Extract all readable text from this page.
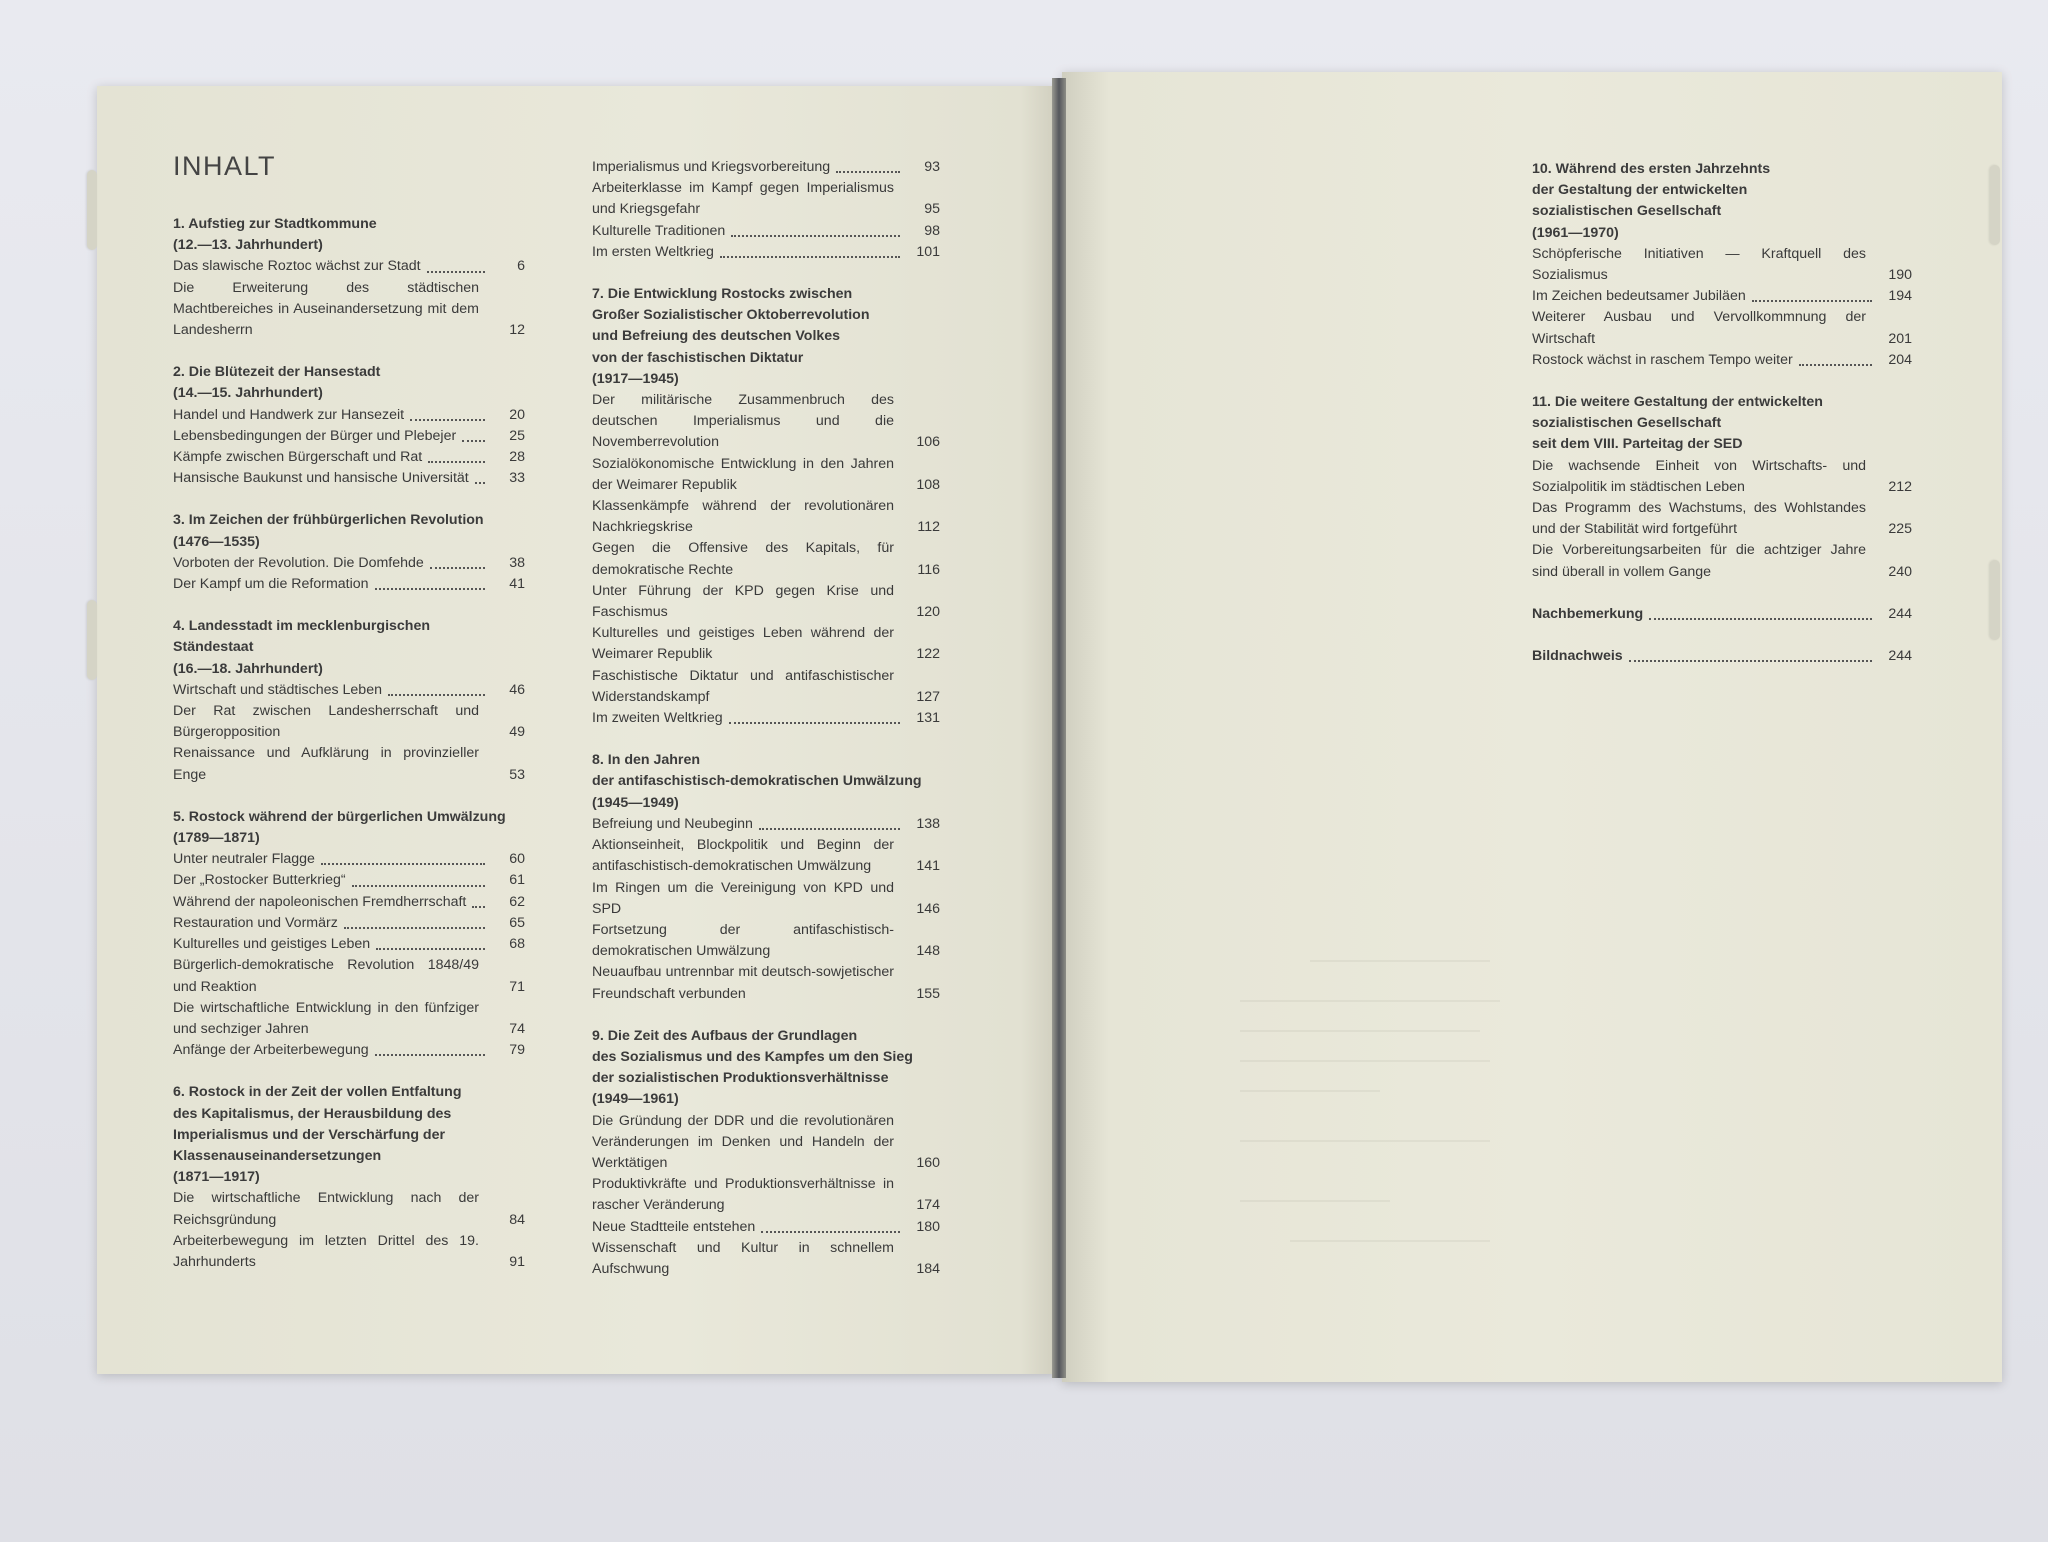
INHALT
1. Aufstieg zur Stadtkommune
(12.—13. Jahrhundert)
Das slawische Roztoc wächst zur Stadt	6
Die Erweiterung des städtischen Machtbereiches in Auseinandersetzung mit dem Landesherrn	12
2. Die Blütezeit der Hansestadt
(14.—15. Jahrhundert)
Handel und Handwerk zur Hansezeit	20
Lebensbedingungen der Bürger und Plebejer	25
Kämpfe zwischen Bürgerschaft und Rat	28
Hansische Baukunst und hansische Universität	33
3. Im Zeichen der frühbürgerlichen Revolution
(1476—1535)
Vorboten der Revolution. Die Domfehde	38
Der Kampf um die Reformation	41
4. Landesstadt im mecklenburgischen
Ständestaat
(16.—18. Jahrhundert)
Wirtschaft und städtisches Leben	46
Der Rat zwischen Landesherrschaft und Bürgeropposition	49
Renaissance und Aufklärung in provinzieller Enge	53
5. Rostock während der bürgerlichen Umwälzung
(1789—1871)
Unter neutraler Flagge	60
Der „Rostocker Butterkrieg“	61
Während der napoleonischen Fremdherrschaft	62
Restauration und Vormärz	65
Kulturelles und geistiges Leben	68
Bürgerlich-demokratische Revolution 1848/49 und Reaktion	71
Die wirtschaftliche Entwicklung in den fünfziger und sechziger Jahren	74
Anfänge der Arbeiterbewegung	79
6. Rostock in der Zeit der vollen Entfaltung
des Kapitalismus, der Herausbildung des
Imperialismus und der Verschärfung der
Klassenauseinandersetzungen
(1871—1917)
Die wirtschaftliche Entwicklung nach der Reichsgründung	84
Arbeiterbewegung im letzten Drittel des 19. Jahrhunderts	91
Imperialismus und Kriegsvorbereitung	93
Arbeiterklasse im Kampf gegen Imperialismus und Kriegsgefahr	95
Kulturelle Traditionen	98
Im ersten Weltkrieg	101
7. Die Entwicklung Rostocks zwischen
Großer Sozialistischer Oktoberrevolution
und Befreiung des deutschen Volkes
von der faschistischen Diktatur
(1917—1945)
Der militärische Zusammenbruch des deutschen Imperialismus und die Novemberrevolution	106
Sozialökonomische Entwicklung in den Jahren der Weimarer Republik	108
Klassenkämpfe während der revolutionären Nachkriegskrise	112
Gegen die Offensive des Kapitals, für demokratische Rechte	116
Unter Führung der KPD gegen Krise und Faschismus	120
Kulturelles und geistiges Leben während der Weimarer Republik	122
Faschistische Diktatur und antifaschistischer Widerstandskampf	127
Im zweiten Weltkrieg	131
8. In den Jahren
der antifaschistisch-demokratischen Umwälzung
(1945—1949)
Befreiung und Neubeginn	138
Aktionseinheit, Blockpolitik und Beginn der antifaschistisch-demokratischen Umwälzung	141
Im Ringen um die Vereinigung von KPD und SPD	146
Fortsetzung der antifaschistisch-demokratischen Umwälzung	148
Neuaufbau untrennbar mit deutsch-sowjetischer Freundschaft verbunden	155
9. Die Zeit des Aufbaus der Grundlagen
des Sozialismus und des Kampfes um den Sieg
der sozialistischen Produktionsverhältnisse
(1949—1961)
Die Gründung der DDR und die revolutionären Veränderungen im Denken und Handeln der Werktätigen	160
Produktivkräfte und Produktionsverhältnisse in rascher Veränderung	174
Neue Stadtteile entstehen	180
Wissenschaft und Kultur in schnellem Aufschwung	184
10. Während des ersten Jahrzehnts
der Gestaltung der entwickelten
sozialistischen Gesellschaft
(1961—1970)
Schöpferische Initiativen — Kraftquell des Sozialismus	190
Im Zeichen bedeutsamer Jubiläen	194
Weiterer Ausbau und Vervollkommnung der Wirtschaft	201
Rostock wächst in raschem Tempo weiter	204
11. Die weitere Gestaltung der entwickelten
sozialistischen Gesellschaft
seit dem VIII. Parteitag der SED
Die wachsende Einheit von Wirtschafts- und Sozialpolitik im städtischen Leben	212
Das Programm des Wachstums, des Wohlstandes und der Stabilität wird fortgeführt	225
Die Vorbereitungsarbeiten für die achtziger Jahre sind überall in vollem Gange	240
Nachbemerkung	244
Bildnachweis	244
